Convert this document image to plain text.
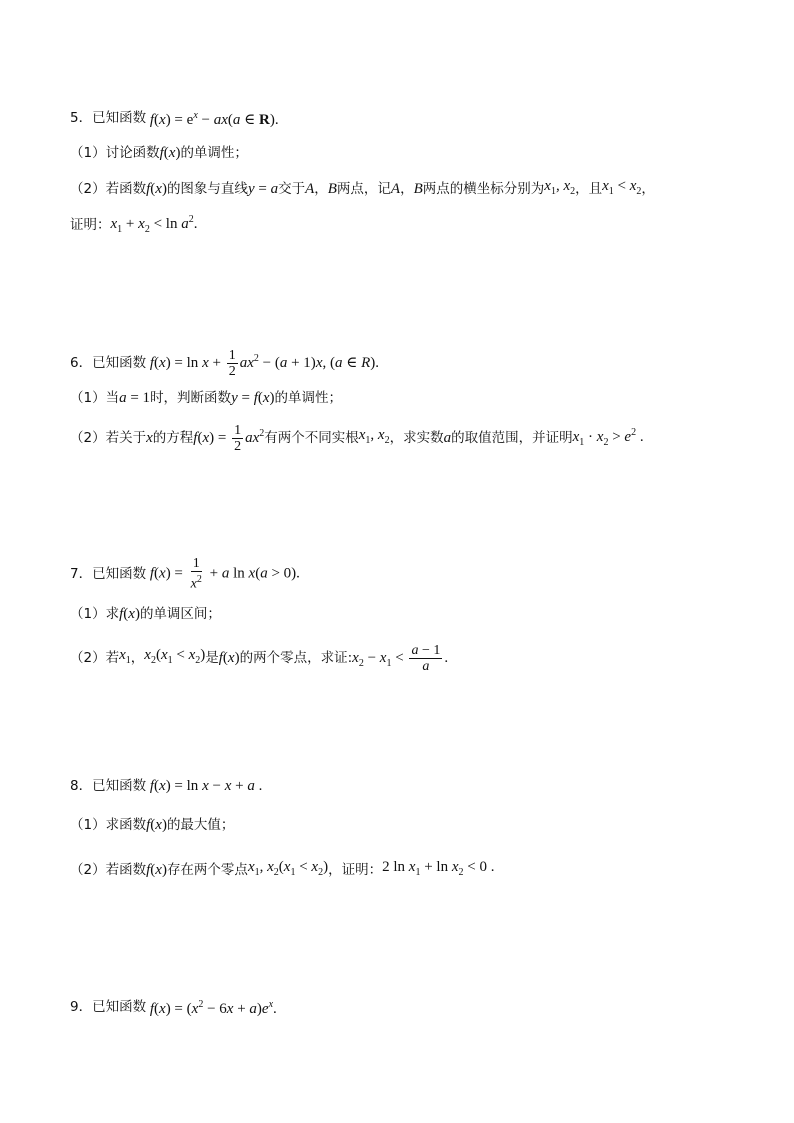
5． 已知函数 $f(x) = e^x - ax(a$ ∈ R).
（1）讨论函数 f(x) 的单调性；
（2）若函数 f(x) 的图象与直线 y = a 交于 A ， B 两点，记 A ， B 两点的横坐标分别为 $x_1$, $x_2$ ，且 $x_1 < x_2$ ，
证明： $x_1 + x_2 < \ln a^2$.
6． 已知函数 $f(x) = \ln x + \frac{1}{2} ax^2 - (a + 1)x$, (a ∈ R).
（1）当 a = 1 时，判断函数 y = f(x) 的单调性；
（2）若关于 x 的方程 $f(x) = \frac{1}{2} ax^2$ 有两个不同实根 $x_1$, $x_2$ ，求实数 a 的取值范围，并证明 $x_1 \cdot x_2 > e^2$ .
7． 已知函数 $f(x) = \frac{1}{x^2} + a$ ln x(a > 0).
（1）求 f(x) 的单调区间；
（2）若 $x_1$ ， $x_2(x_1 < x_2)$ 是 f(x) 的两个零点，求证: $x_2 - x_1 < \frac{a - 1}{a}$ .
8． 已知函数 f(x) = ln x − x + a .
（1）求函数 f(x) 的最大值；
（2）若函数 f(x) 存在两个零点 $x_1$, $x_2(x_1 < x_2)$ ，证明： 2 $\ln x_1 + \ln x_2 < 0$ .
9． 已知函数 $f(x) = (x^2 - 6x + a)e^x$.
